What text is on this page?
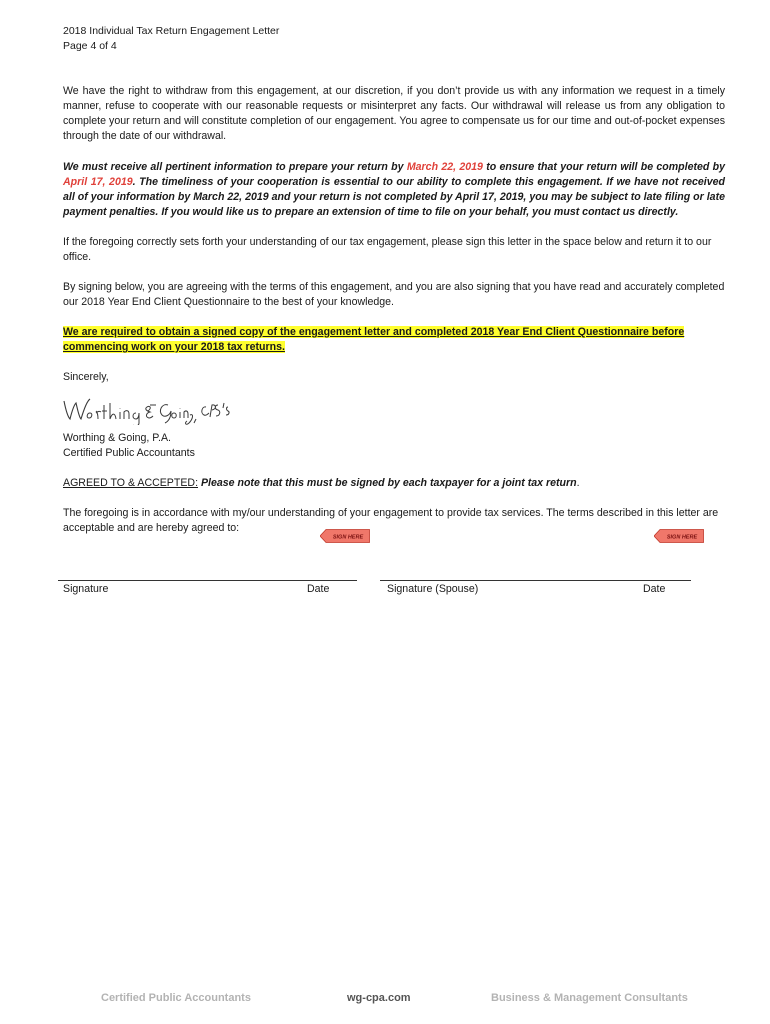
2018 Individual Tax Return Engagement Letter
Page 4 of 4
We have the right to withdraw from this engagement, at our discretion, if you don’t provide us with any information we request in a timely manner, refuse to cooperate with our reasonable requests or misinterpret any facts. Our withdrawal will release us from any obligation to complete your return and will constitute completion of our engagement. You agree to compensate us for our time and out-of-pocket expenses through the date of our withdrawal.
We must receive all pertinent information to prepare your return by March 22, 2019 to ensure that your return will be completed by April 17, 2019. The timeliness of your cooperation is essential to our ability to complete this engagement. If we have not received all of your information by March 22, 2019 and your return is not completed by April 17, 2019, you may be subject to late filing or late payment penalties. If you would like us to prepare an extension of time to file on your behalf, you must contact us directly.
If the foregoing correctly sets forth your understanding of our tax engagement, please sign this letter in the space below and return it to our office.
By signing below, you are agreeing with the terms of this engagement, and you are also signing that you have read and accurately completed our 2018 Year End Client Questionnaire to the best of your knowledge.
We are required to obtain a signed copy of the engagement letter and completed 2018 Year End Client Questionnaire before commencing work on your 2018 tax returns.
Sincerely,
Worthing & Going, P.A.
Certified Public Accountants
AGREED TO & ACCEPTED: Please note that this must be signed by each taxpayer for a joint tax return.
The foregoing is in accordance with my/our understanding of your engagement to provide tax services. The terms described in this letter are acceptable and are hereby agreed to:
SIGN HERE	SIGN HERE
Signature	Date	Signature (Spouse)	Date
Certified Public Accountants	wg-cpa.com	Business & Management Consultants
